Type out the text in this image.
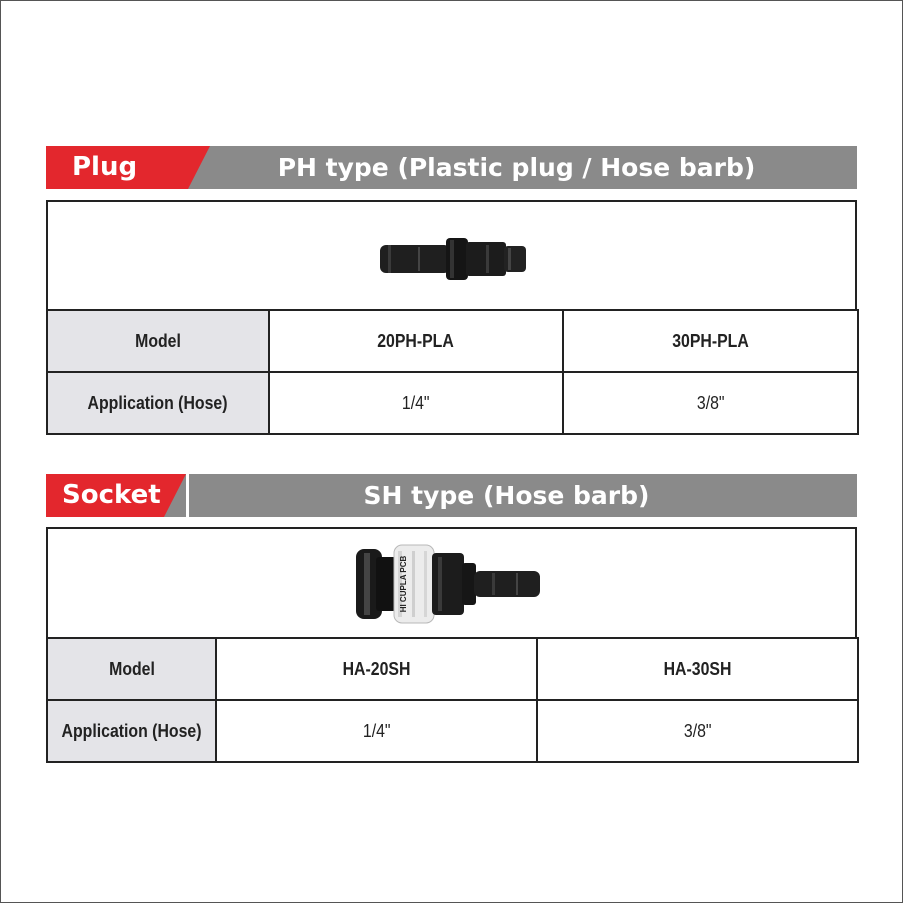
Plug	PH type (Plastic plug / Hose barb)
Model	20PH-PLA	30PH-PLA
Application (Hose)	1/4"	3/8"
Socket	SH type (Hose barb)
HI CUPLA PCB
Model	HA-20SH	HA-30SH
Application (Hose)	1/4"	3/8"
